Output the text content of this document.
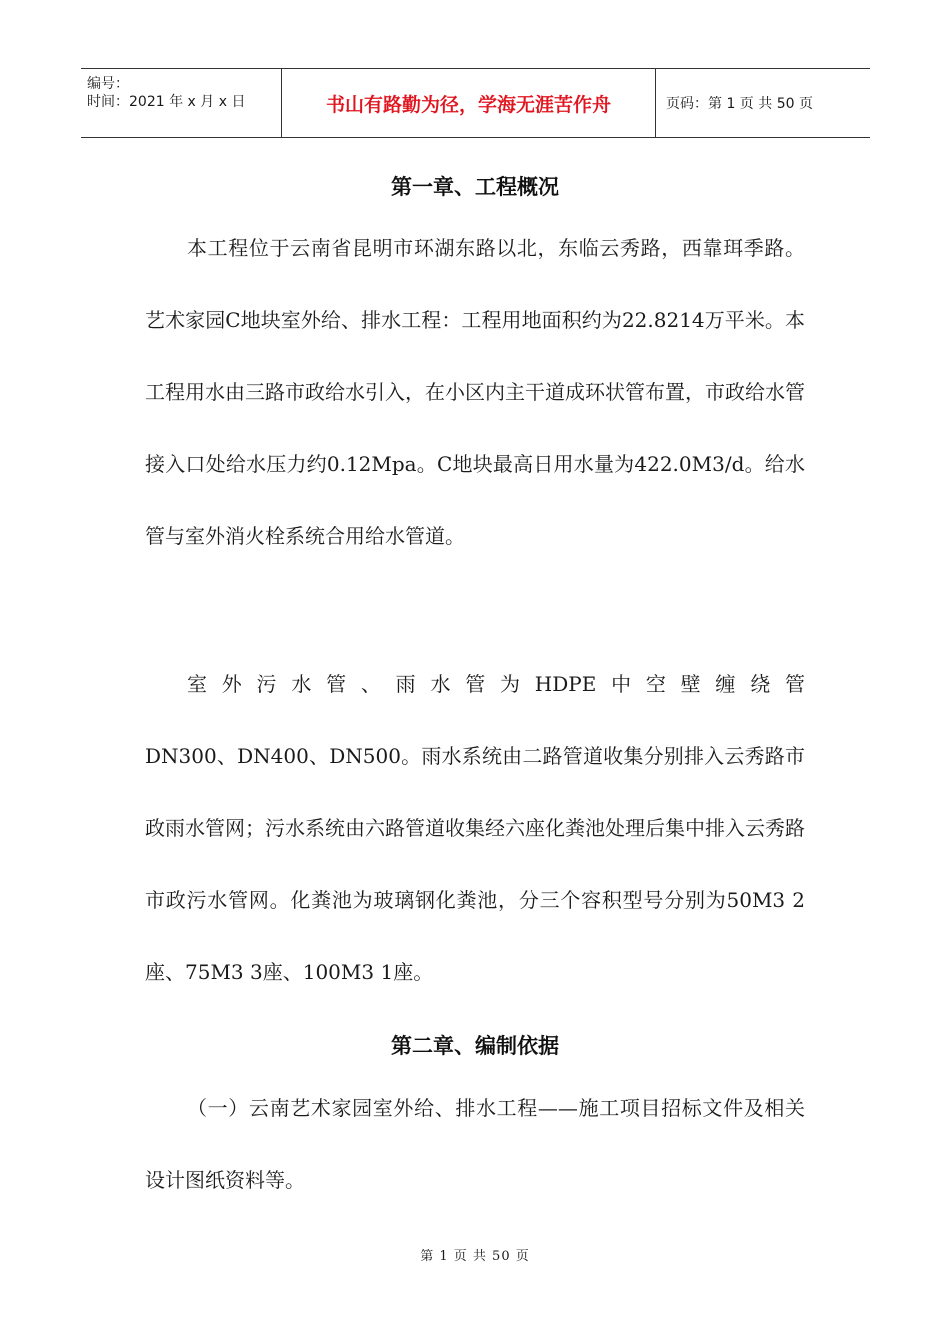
编号：
时间：2021 年 x 月 x 日	书山有路勤为径，学海无涯苦作舟	页码：第 1 页 共 50 页
第一章、工程概况

本工程位于云南省昆明市环湖东路以北，东临云秀路，西靠珥季路。艺术家园C地块室外给、排水工程：工程用地面积约为22.8214万平米。本工程用水由三路市政给水引入，在小区内主干道成环状管布置，市政给水管接入口处给水压力约0.12Mpa。C地块最高日用水量为422.0M3/d。给水管与室外消火栓系统合用给水管道。

室外污水管、雨水管为HDPE中空壁缠绕管

DN300、DN400、DN500。雨水系统由二路管道收集分别排入云秀路市政雨水管网；污水系统由六路管道收集经六座化粪池处理后集中排入云秀路市政污水管网。化粪池为玻璃钢化粪池，分三个容积型号分别为50M3 2座、75M3 3座、100M3 1座。

第二章、编制依据

（一）云南艺术家园室外给、排水工程——施工项目招标文件及相关设计图纸资料等。

第 1 页 共 50 页
